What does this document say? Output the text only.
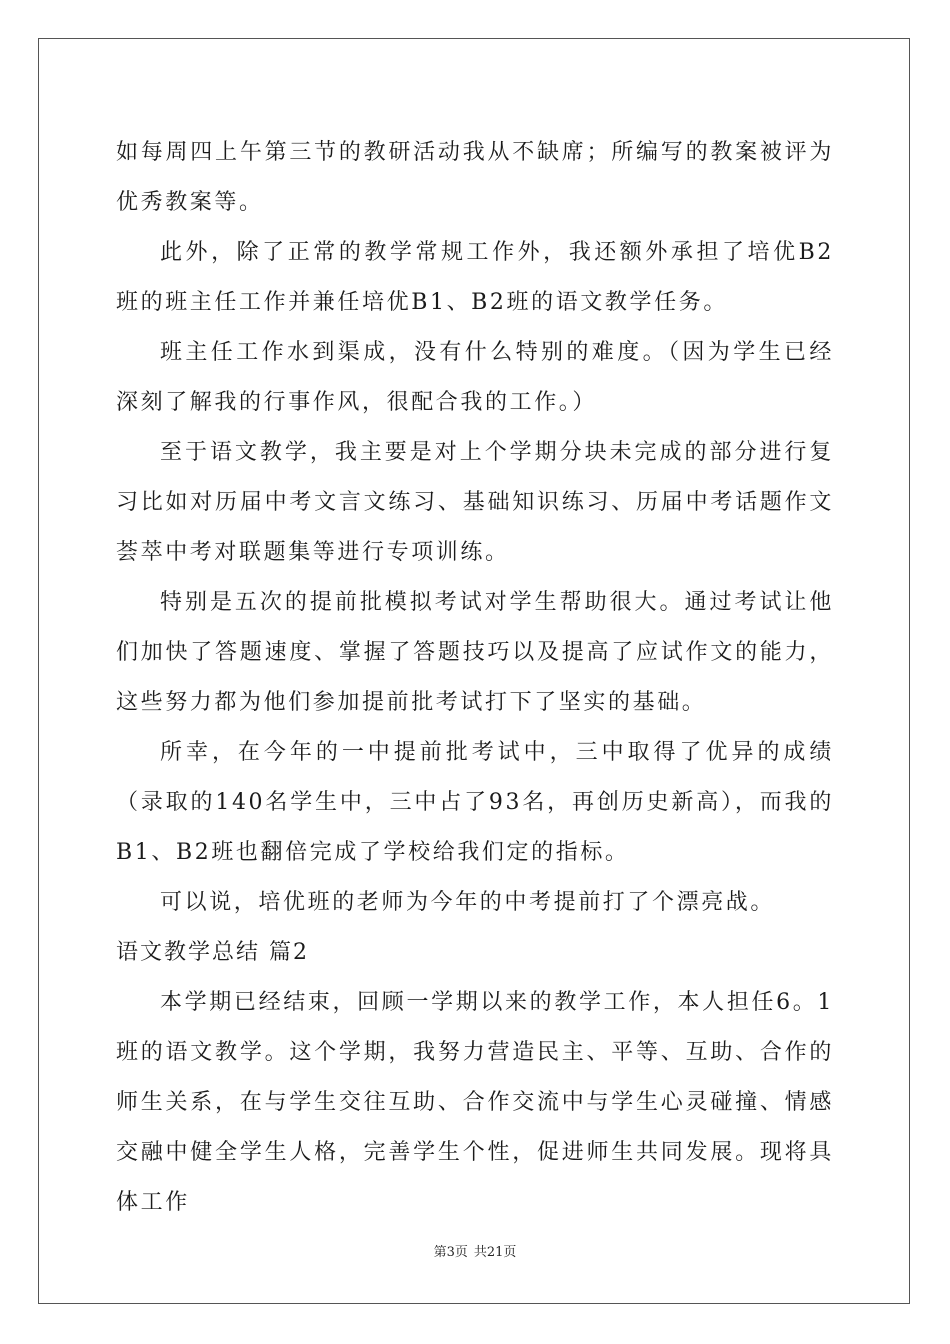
如每周四上午第三节的教研活动我从不缺席；所编写的教案被评为优秀教案等。

此外，除了正常的教学常规工作外，我还额外承担了培优B2班的班主任工作并兼任培优B1、B2班的语文教学任务。

班主任工作水到渠成，没有什么特别的难度。（因为学生已经深刻了解我的行事作风，很配合我的工作。）

至于语文教学，我主要是对上个学期分块未完成的部分进行复习比如对历届中考文言文练习、基础知识练习、历届中考话题作文荟萃中考对联题集等进行专项训练。

特别是五次的提前批模拟考试对学生帮助很大。通过考试让他们加快了答题速度、掌握了答题技巧以及提高了应试作文的能力，这些努力都为他们参加提前批考试打下了坚实的基础。

所幸，在今年的一中提前批考试中，三中取得了优异的成绩（录取的140名学生中，三中占了93名，再创历史新高），而我的B1、B2班也翻倍完成了学校给我们定的指标。

可以说，培优班的老师为今年的中考提前打了个漂亮战。

语文教学总结 篇2

本学期已经结束，回顾一学期以来的教学工作，本人担任6。1班的语文教学。这个学期，我努力营造民主、平等、互助、合作的师生关系，在与学生交往互助、合作交流中与学生心灵碰撞、情感交融中健全学生人格，完善学生个性，促进师生共同发展。现将具体工作

第3页 共21页
